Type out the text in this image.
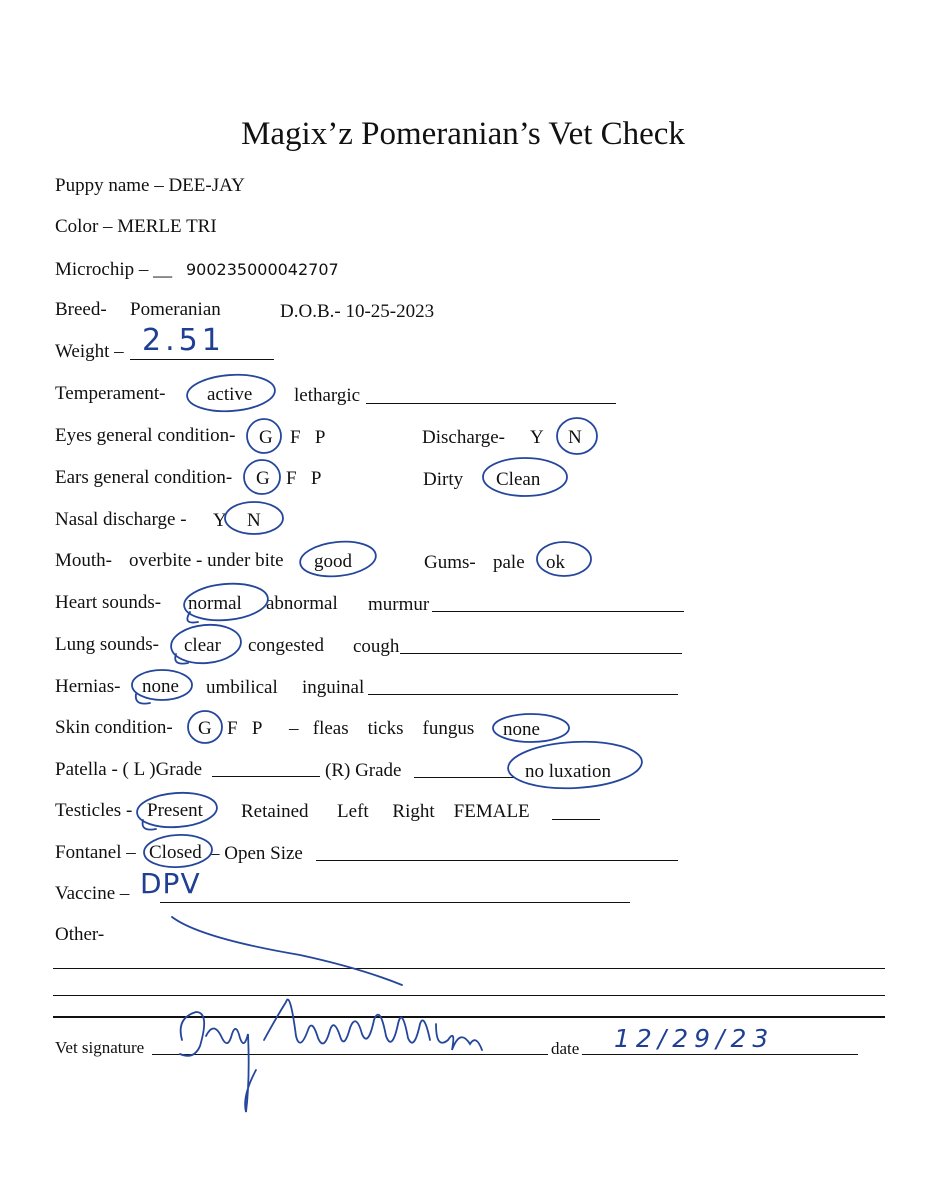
Magix’z Pomeranian’s Vet Check
Puppy name – DEE-JAY
Color – MERLE TRI
Microchip – __ 900235000042707
Breed- Pomeranian	D.O.B.- 10-25-2023
Weight – 2.51
Temperament- active lethargic
Eyes general condition- G F   P	Discharge- Y N
Ears general condition- G F   P	Dirty Clean
Nasal discharge - Y N
Mouth- overbite - under bite good	Gums- pale ok
Heart sounds- normal abnormal murmur
Lung sounds- clear congested cough
Hernias- none umbilical inguinal
Skin condition- G F   P –   fleas    ticks    fungus none
Patella - ( L )Grade	(R) Grade	no luxation
Testicles - Present Retained      Left     Right    FEMALE
Fontanel – Closed – Open Size
Vaccine – DPV
Other-
Vet signature	date 12/29/23
